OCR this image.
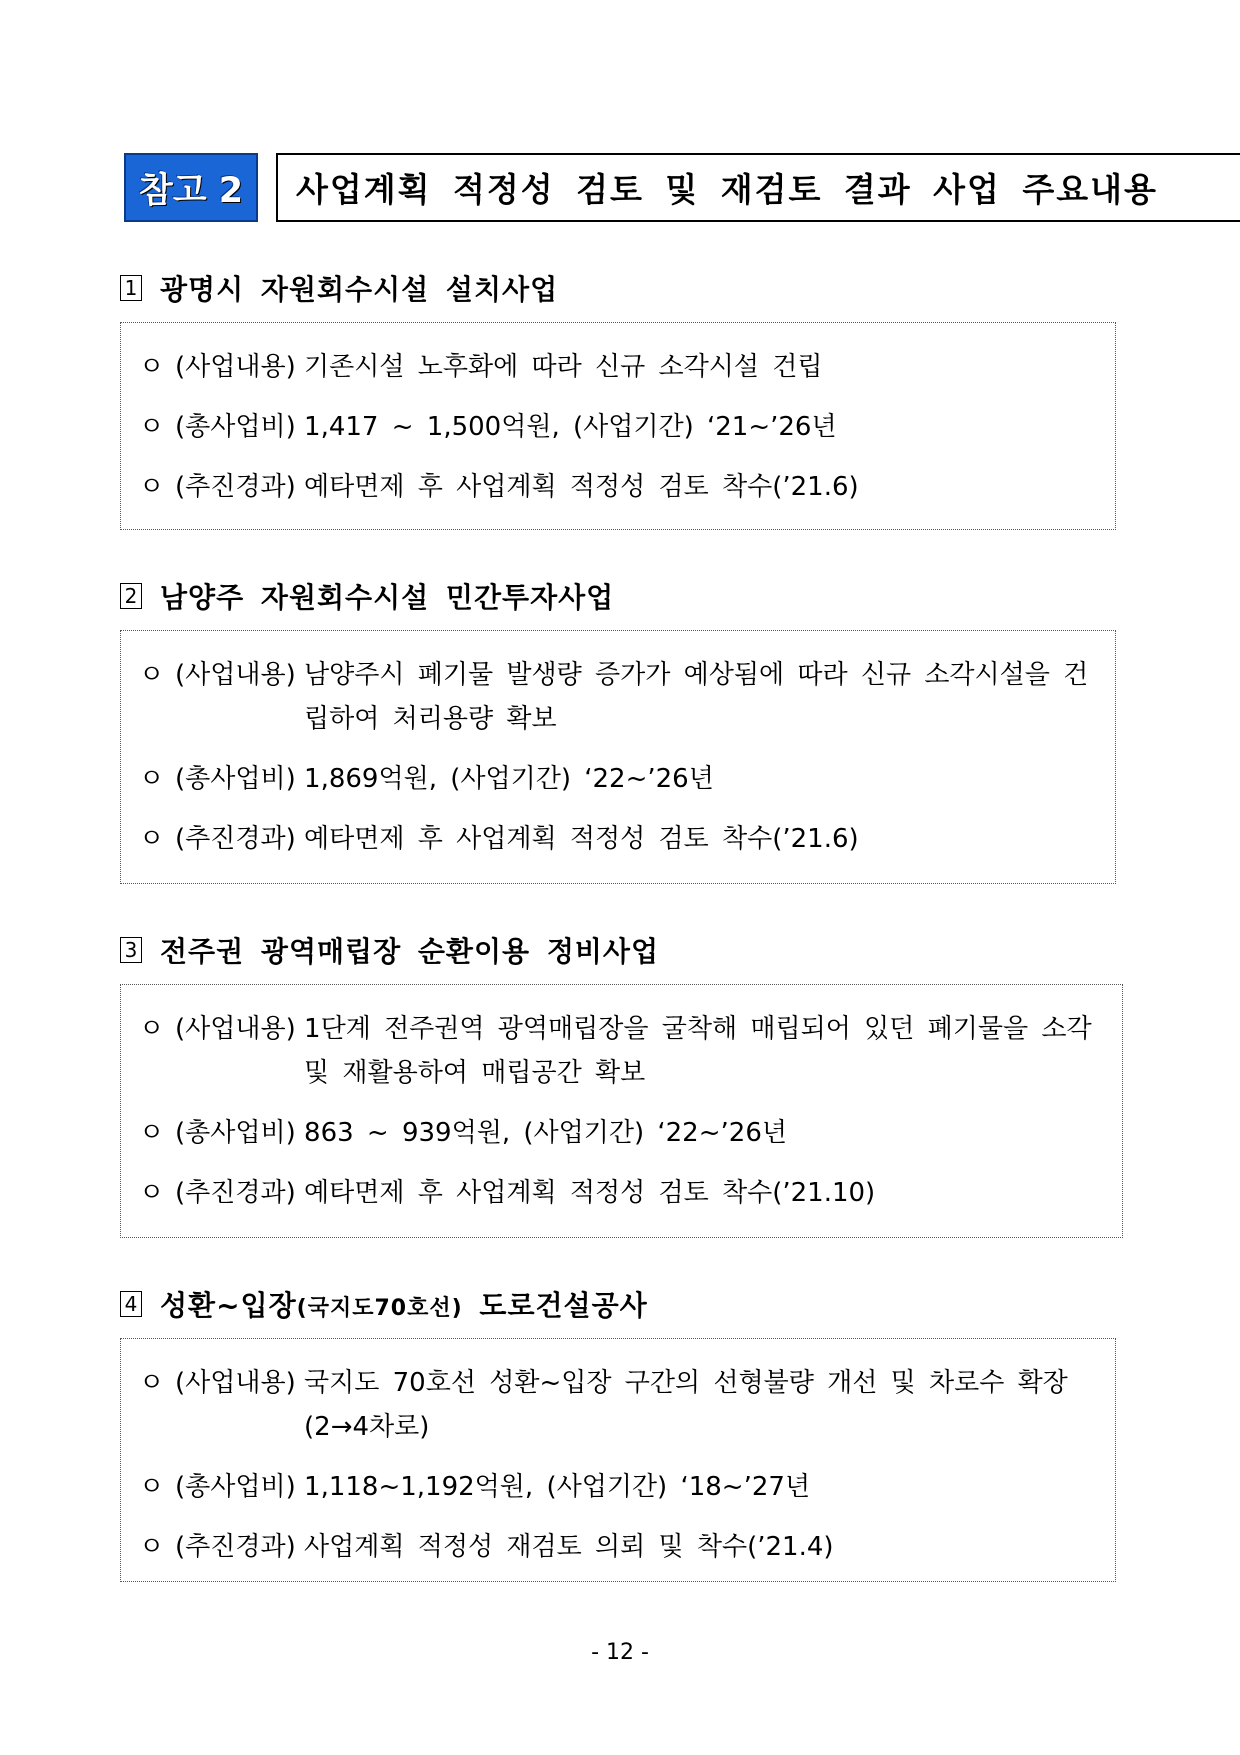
참고 2	사업계획 적정성 검토 및 재검토 결과 사업 주요내용
1 광명시 자원회수시설 설치사업
ㅇ (사업내용) 기존시설 노후화에 따라 신규 소각시설 건립
ㅇ (총사업비) 1,417 ~ 1,500억원, (사업기간) ‘21~’26년
ㅇ (추진경과) 예타면제 후 사업계획 적정성 검토 착수(’21.6)
2 남양주 자원회수시설 민간투자사업
ㅇ (사업내용) 남양주시 폐기물 발생량 증가가 예상됨에 따라 신규 소각시설을 건립하여 처리용량 확보
ㅇ (총사업비) 1,869억원, (사업기간) ‘22~’26년
ㅇ (추진경과) 예타면제 후 사업계획 적정성 검토 착수(’21.6)
3 전주권 광역매립장 순환이용 정비사업
ㅇ (사업내용) 1단계 전주권역 광역매립장을 굴착해 매립되어 있던 폐기물을 소각 및 재활용하여 매립공간 확보
ㅇ (총사업비) 863 ~ 939억원, (사업기간) ‘22~’26년
ㅇ (추진경과) 예타면제 후 사업계획 적정성 검토 착수(’21.10)
4 성환~입장(국지도70호선) 도로건설공사
ㅇ (사업내용) 국지도 70호선 성환~입장 구간의 선형불량 개선 및 차로수 확장 (2→4차로)
ㅇ (총사업비) 1,118~1,192억원, (사업기간) ‘18~’27년
ㅇ (추진경과) 사업계획 적정성 재검토 의뢰 및 착수(’21.4)
- 12 -
